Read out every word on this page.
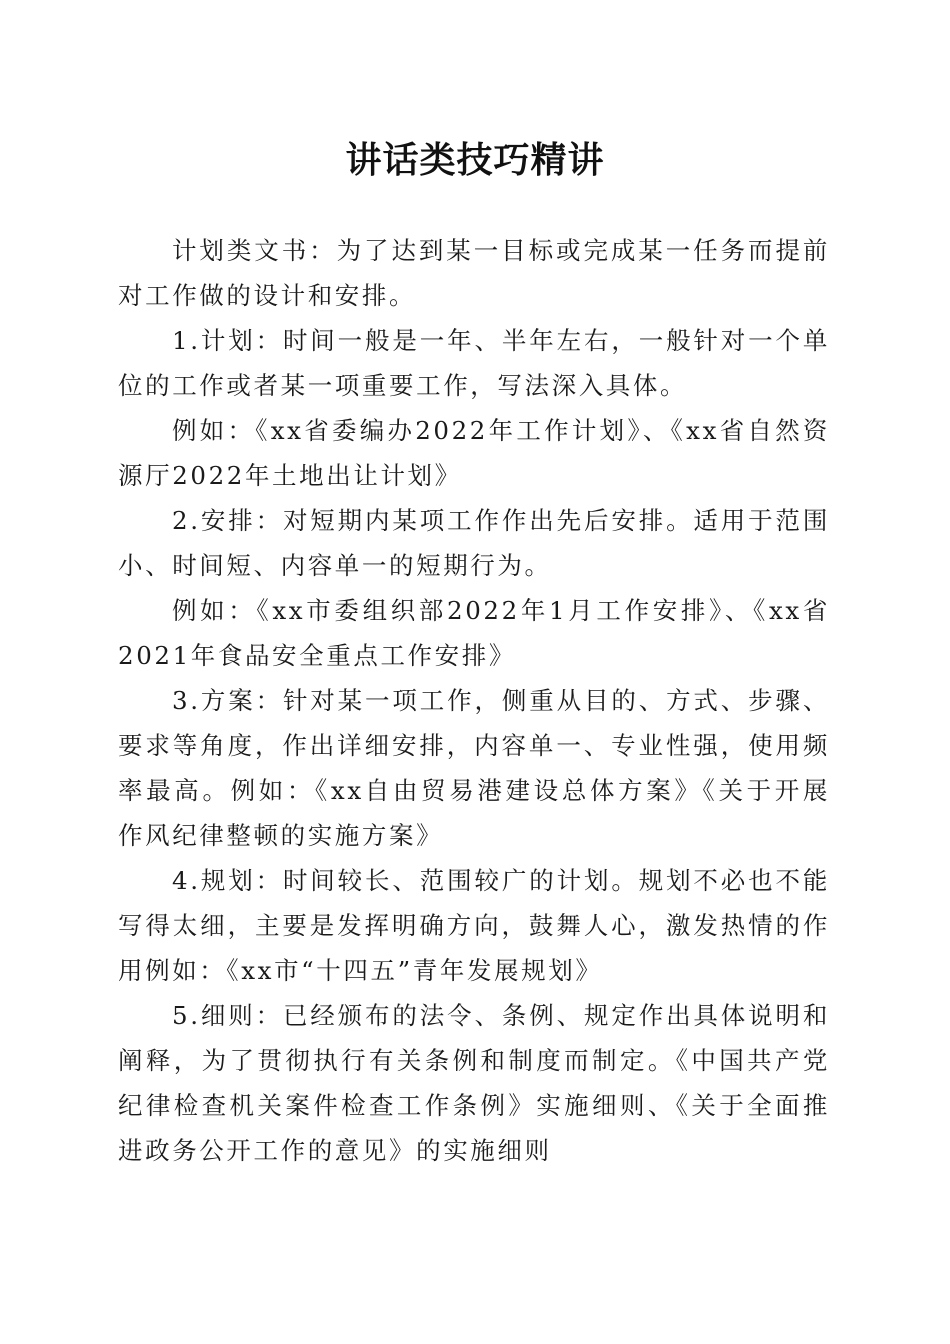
讲话类技巧精讲

计划类文书：为了达到某一目标或完成某一任务而提前对工作做的设计和安排。

1.计划：时间一般是一年、半年左右，一般针对一个单位的工作或者某一项重要工作，写法深入具体。

例如：《xx省委编办2022年工作计划》、《xx省自然资源厅2022年土地出让计划》

2.安排：对短期内某项工作作出先后安排。适用于范围小、时间短、内容单一的短期行为。

例如：《xx市委组织部2022年1月工作安排》、《xx省2021年食品安全重点工作安排》

3.方案：针对某一项工作，侧重从目的、方式、步骤、要求等角度，作出详细安排，内容单一、专业性强，使用频率最高。例如：《xx自由贸易港建设总体方案》《关于开展作风纪律整顿的实施方案》

4.规划：时间较长、范围较广的计划。规划不必也不能写得太细，主要是发挥明确方向，鼓舞人心，激发热情的作用例如：《xx市“十四五”青年发展规划》

5.细则：已经颁布的法令、条例、规定作出具体说明和阐释，为了贯彻执行有关条例和制度而制定。《中国共产党纪律检查机关案件检查工作条例》实施细则、《关于全面推进政务公开工作的意见》的实施细则
